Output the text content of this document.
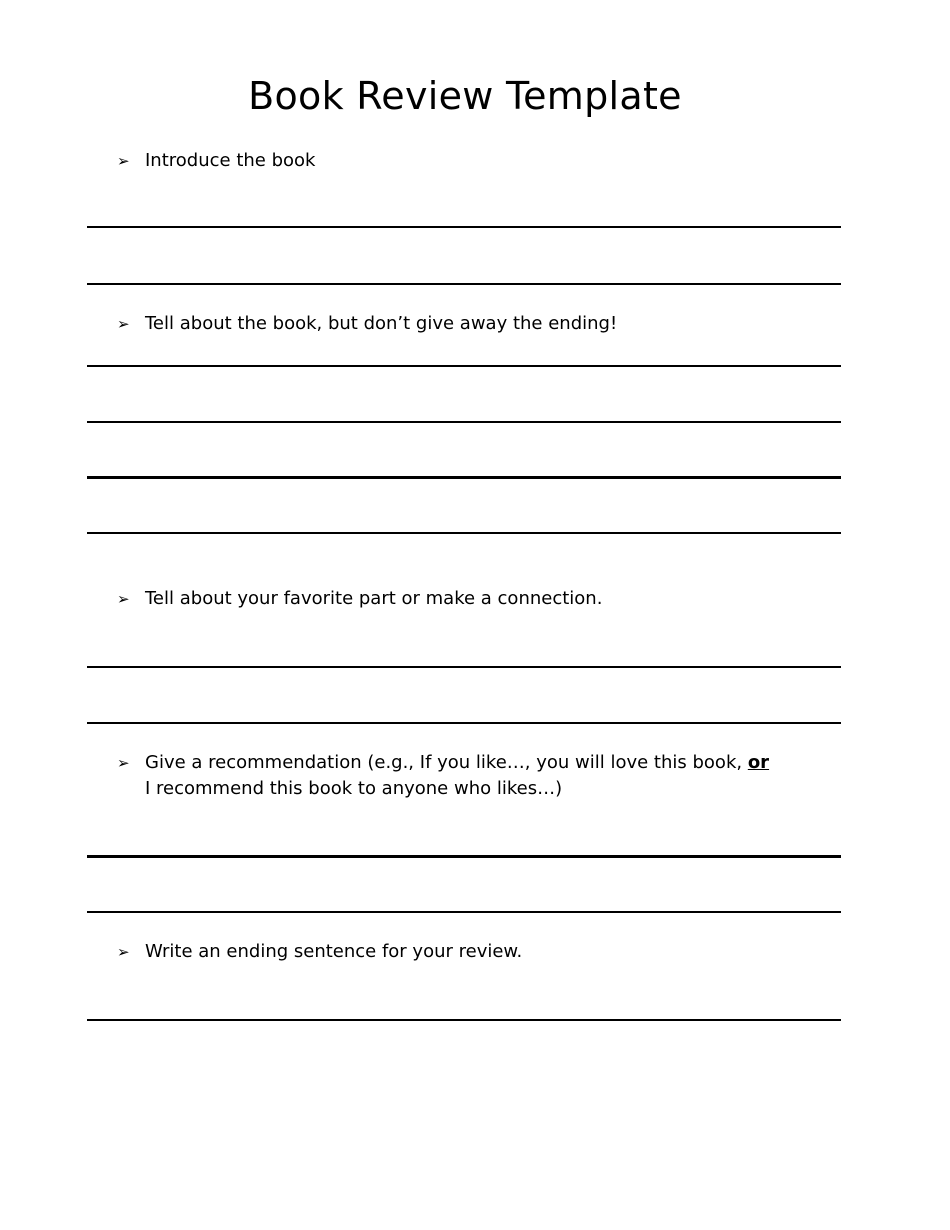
Book Review Template
➢ Introduce the book
➢ Tell about the book, but don’t give away the ending!
➢ Tell about your favorite part or make a connection.
➢ Give a recommendation (e.g., If you like…, you will love this book, or I recommend this book to anyone who likes…)
➢ Write an ending sentence for your review.
